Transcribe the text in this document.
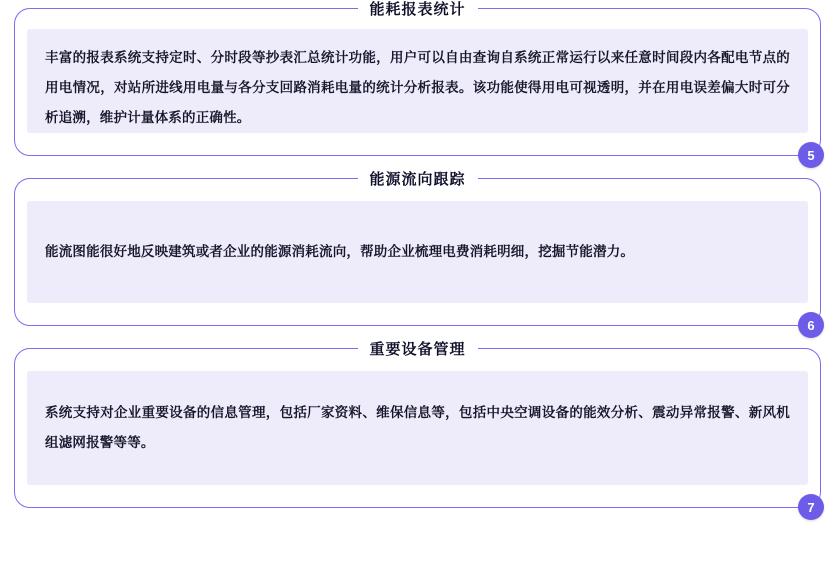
能耗报表统计
丰富的报表系统支持定时、分时段等抄表汇总统计功能，用户可以自由查询自系统正常运行以来任意时间段内各配电节点的用电情况，对站所进线用电量与各分支回路消耗电量的统计分析报表。该功能使得用电可视透明，并在用电误差偏大时可分析追溯，维护计量体系的正确性。
5
能源流向跟踪
能流图能很好地反映建筑或者企业的能源消耗流向，帮助企业梳理电费消耗明细，挖掘节能潜力。
6
重要设备管理
系统支持对企业重要设备的信息管理，包括厂家资料、维保信息等，包括中央空调设备的能效分析、震动异常报警、新风机组滤网报警等等。
7
